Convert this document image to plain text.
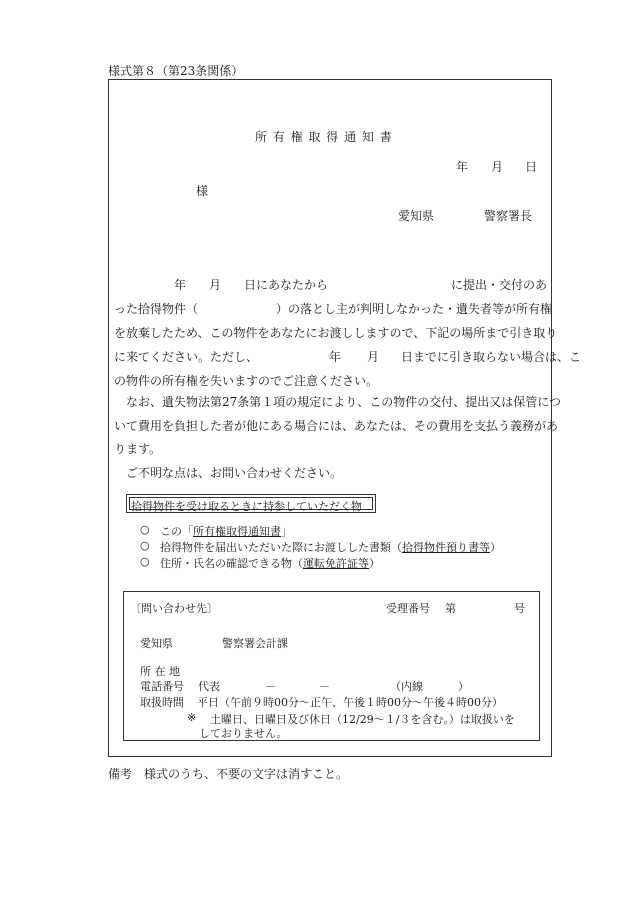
様式第８（第23条関係）
所 有 権 取 得 通 知 書
年 月 日
様
愛知県	警察署長
年 月 日にあなたから	に提出・交付のあ
った拾得物件（	）の落とし主が判明しなかった・遺失者等が所有権
を放棄したため、この物件をあなたにお渡ししますので、下記の場所まで引き取り
に来てください。ただし、	年 月 日までに引き取らない場合は、こ
の物件の所有権を失いますのでご注意ください。
なお、遺失物法第27条第１項の規定により、この物件の交付、提出又は保管につ
いて費用を負担した者が他にある場合には、あなたは、その費用を支払う義務があ
ります。
ご不明な点は、お問い合わせください。
拾得物件を受け取るときに持参していただく物
○ この「所有権取得通知書」
○ 拾得物件を届出いただいた際にお渡しした書類（拾得物件預り書等）
○ 住所・氏名の確認できる物（運転免許証等）
〔問い合わせ先〕	受理番号 第	号
愛知県	警察署会計課
所 在 地
電話番号 代表	－	－	（内線	）
取扱時間 平日（午前９時00分～正午、午後１時00分～午後４時00分）
※ 土曜日、日曜日及び休日（12/29～１/３を含む。）は取扱いを
しておりません。
備考　様式のうち、不要の文字は消すこと。
